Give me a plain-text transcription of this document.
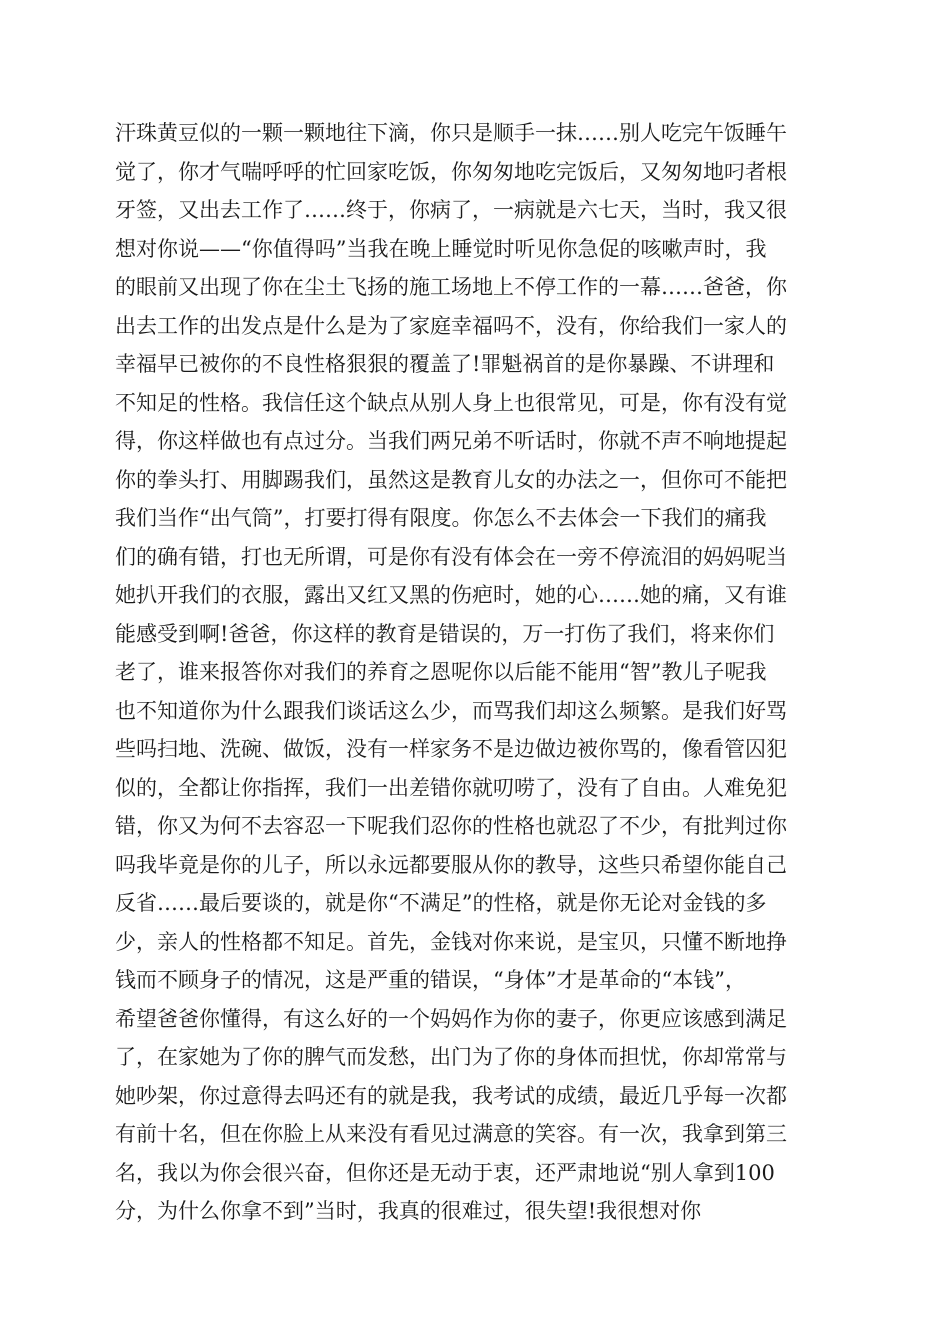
汗珠黄豆似的一颗一颗地往下滴，你只是顺手一抹……别人吃完午饭睡午
觉了，你才气喘呼呼的忙回家吃饭，你匆匆地吃完饭后，又匆匆地叼者根
牙签，又出去工作了……终于，你病了，一病就是六七天，当时，我又很
想对你说——“你值得吗”当我在晚上睡觉时听见你急促的咳嗽声时，我
的眼前又出现了你在尘土飞扬的施工场地上不停工作的一幕……爸爸，你
出去工作的出发点是什么是为了家庭幸福吗不，没有，你给我们一家人的
幸福早已被你的不良性格狠狠的覆盖了!罪魁祸首的是你暴躁、不讲理和
不知足的性格。我信任这个缺点从别人身上也很常见，可是，你有没有觉
得，你这样做也有点过分。当我们两兄弟不听话时，你就不声不响地提起
你的拳头打、用脚踢我们，虽然这是教育儿女的办法之一，但你可不能把
我们当作“出气筒”，打要打得有限度。你怎么不去体会一下我们的痛我
们的确有错，打也无所谓，可是你有没有体会在一旁不停流泪的妈妈呢当
她扒开我们的衣服，露出又红又黑的伤疤时，她的心……她的痛，又有谁
能感受到啊!爸爸，你这样的教育是错误的，万一打伤了我们，将来你们
老了，谁来报答你对我们的养育之恩呢你以后能不能用“智”教儿子呢我
也不知道你为什么跟我们谈话这么少，而骂我们却这么频繁。是我们好骂
些吗扫地、洗碗、做饭，没有一样家务不是边做边被你骂的，像看管囚犯
似的，全都让你指挥，我们一出差错你就叨唠了，没有了自由。人难免犯
错，你又为何不去容忍一下呢我们忍你的性格也就忍了不少，有批判过你
吗我毕竟是你的儿子，所以永远都要服从你的教导，这些只希望你能自己
反省……最后要谈的，就是你“不满足”的性格，就是你无论对金钱的多
少，亲人的性格都不知足。首先，金钱对你来说，是宝贝，只懂不断地挣
钱而不顾身子的情况，这是严重的错误，“身体”才是革命的“本钱”，
希望爸爸你懂得，有这么好的一个妈妈作为你的妻子，你更应该感到满足
了，在家她为了你的脾气而发愁，出门为了你的身体而担忧，你却常常与
她吵架，你过意得去吗还有的就是我，我考试的成绩，最近几乎每一次都
有前十名，但在你脸上从来没有看见过满意的笑容。有一次，我拿到第三
名，我以为你会很兴奋，但你还是无动于衷，还严肃地说“别人拿到100
分，为什么你拿不到”当时，我真的很难过，很失望!我很想对你
